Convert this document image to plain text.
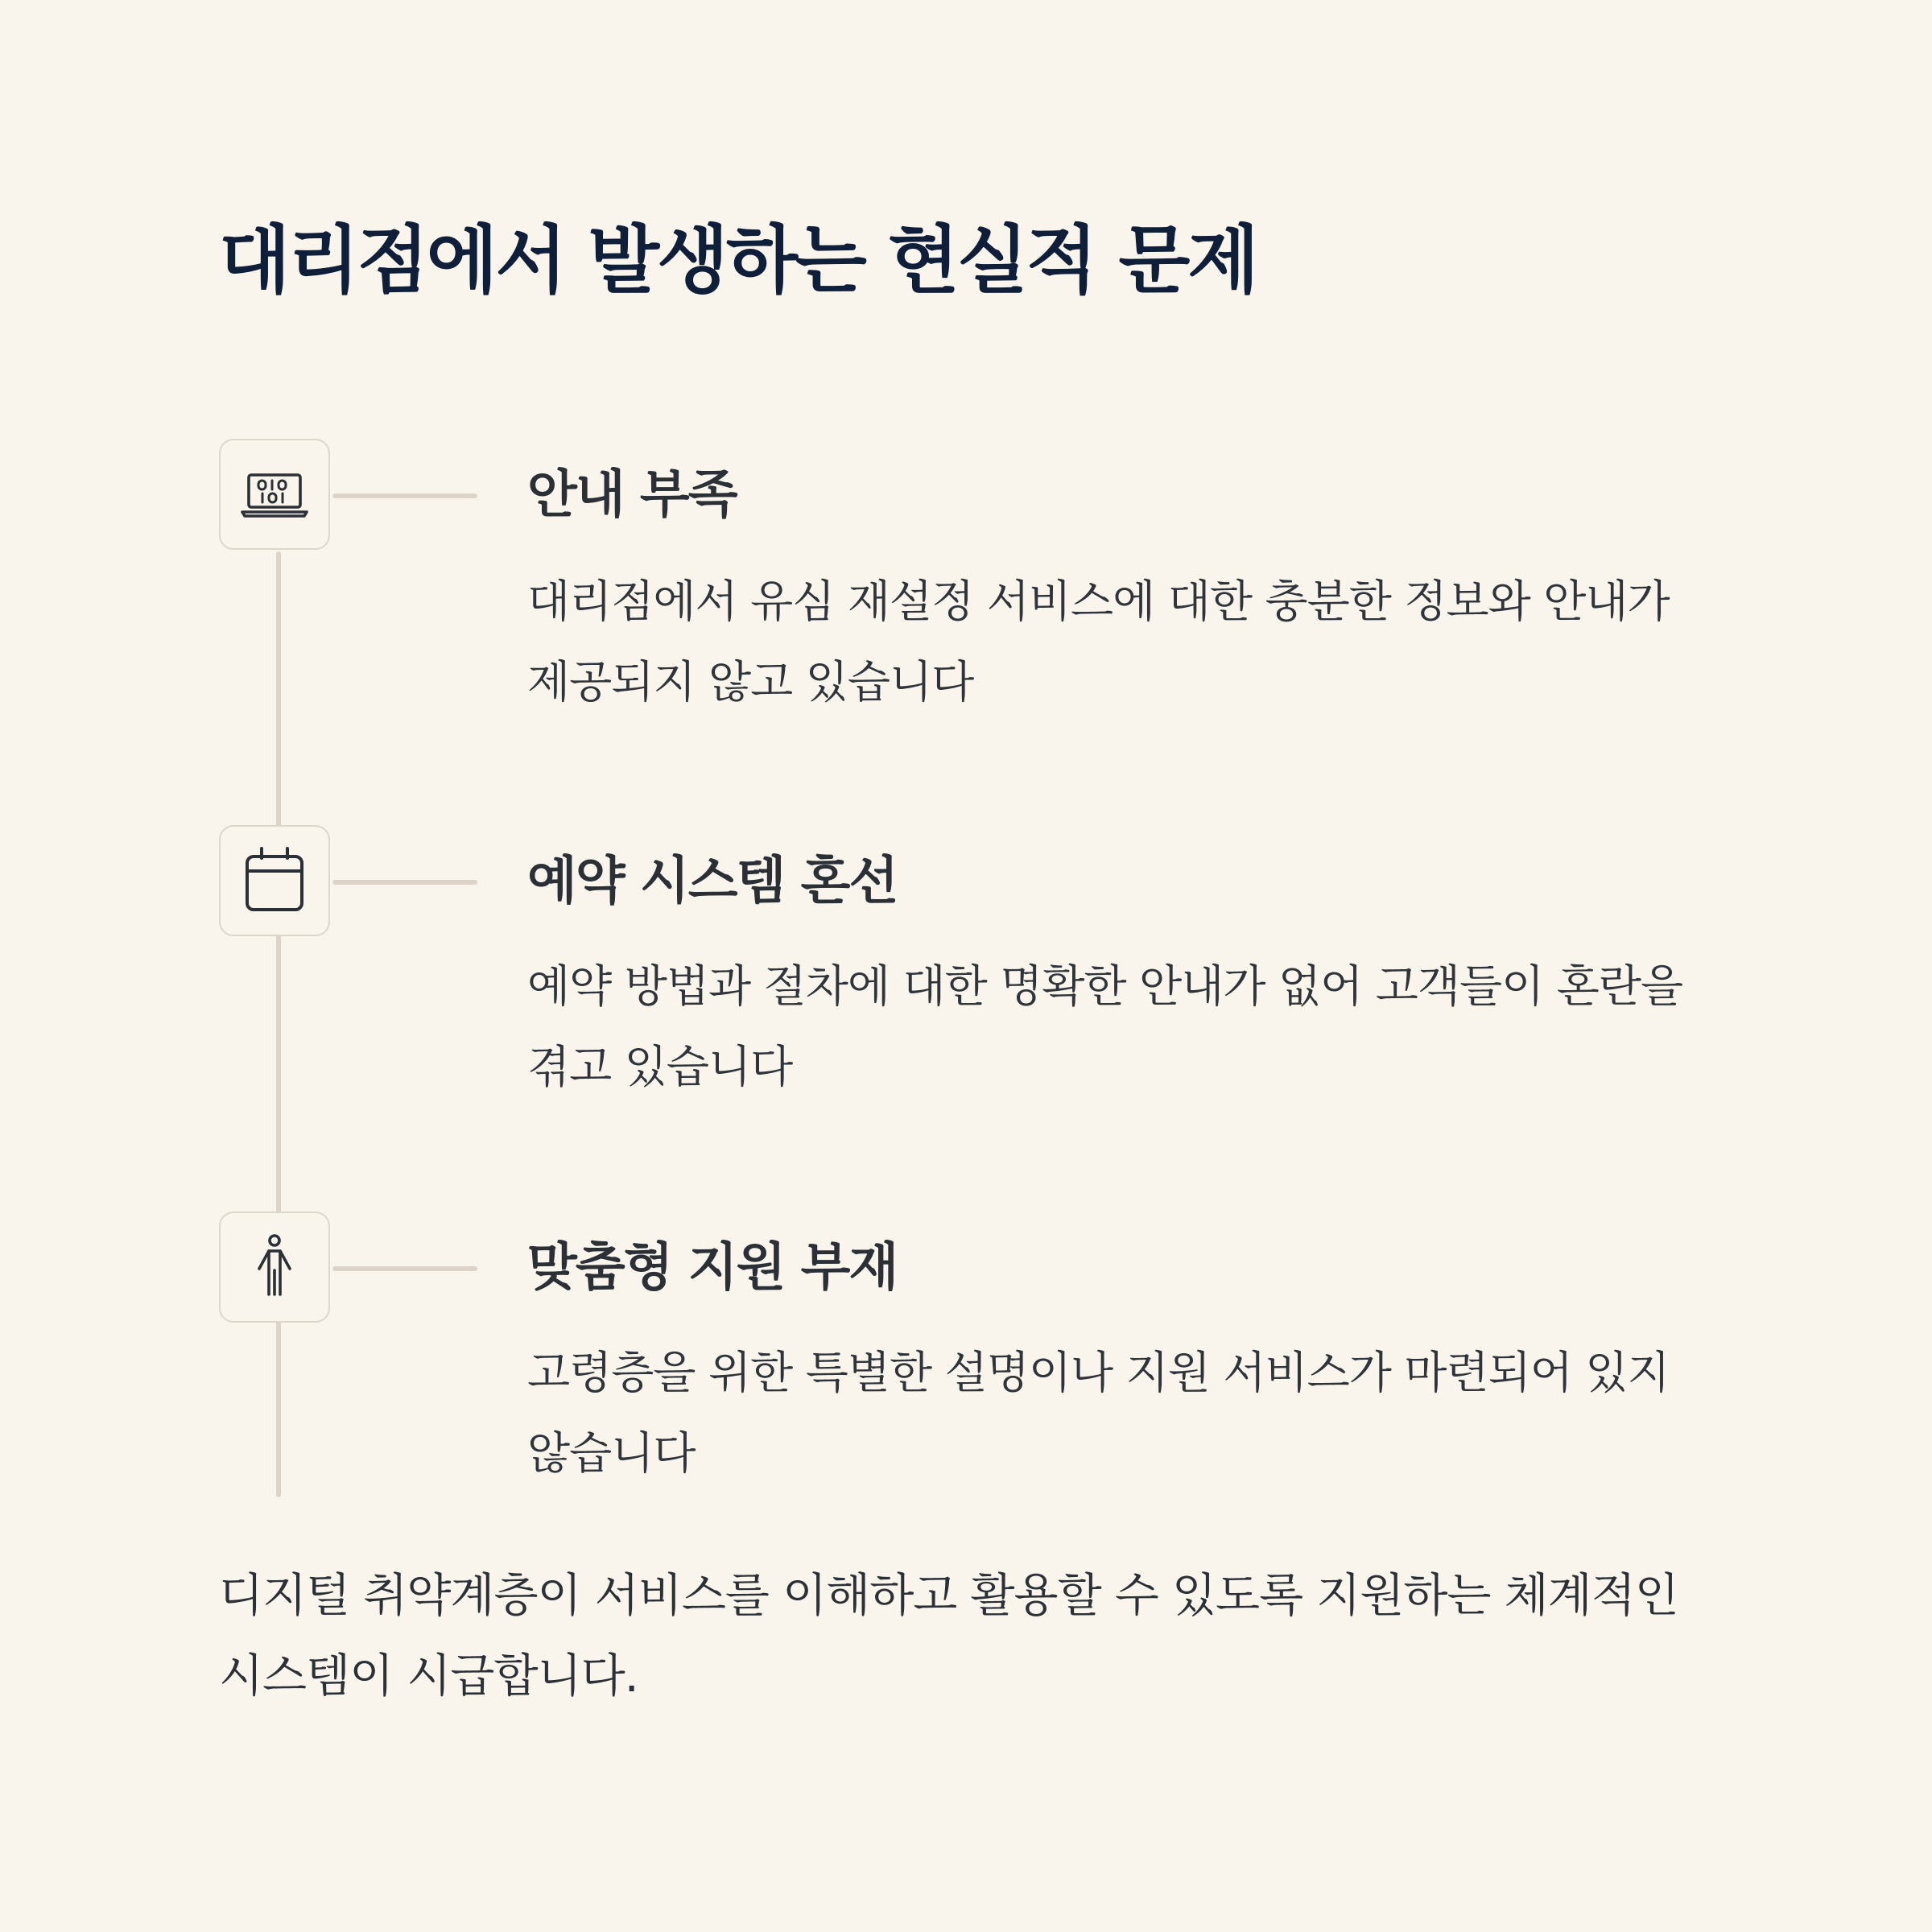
대리점에서 발생하는 현실적 문제
안내 부족

대리점에서 유심 재설정 서비스에 대한 충분한 정보와 안내가 제공되지 않고 있습니다

예약 시스템 혼선

예약 방법과 절차에 대한 명확한 안내가 없어 고객들이 혼란을 겪고 있습니다

맞춤형 지원 부재

고령층을 위한 특별한 설명이나 지원 서비스가 마련되어 있지 않습니다

디지털 취약계층이 서비스를 이해하고 활용할 수 있도록 지원하는 체계적인 시스템이 시급합니다.
